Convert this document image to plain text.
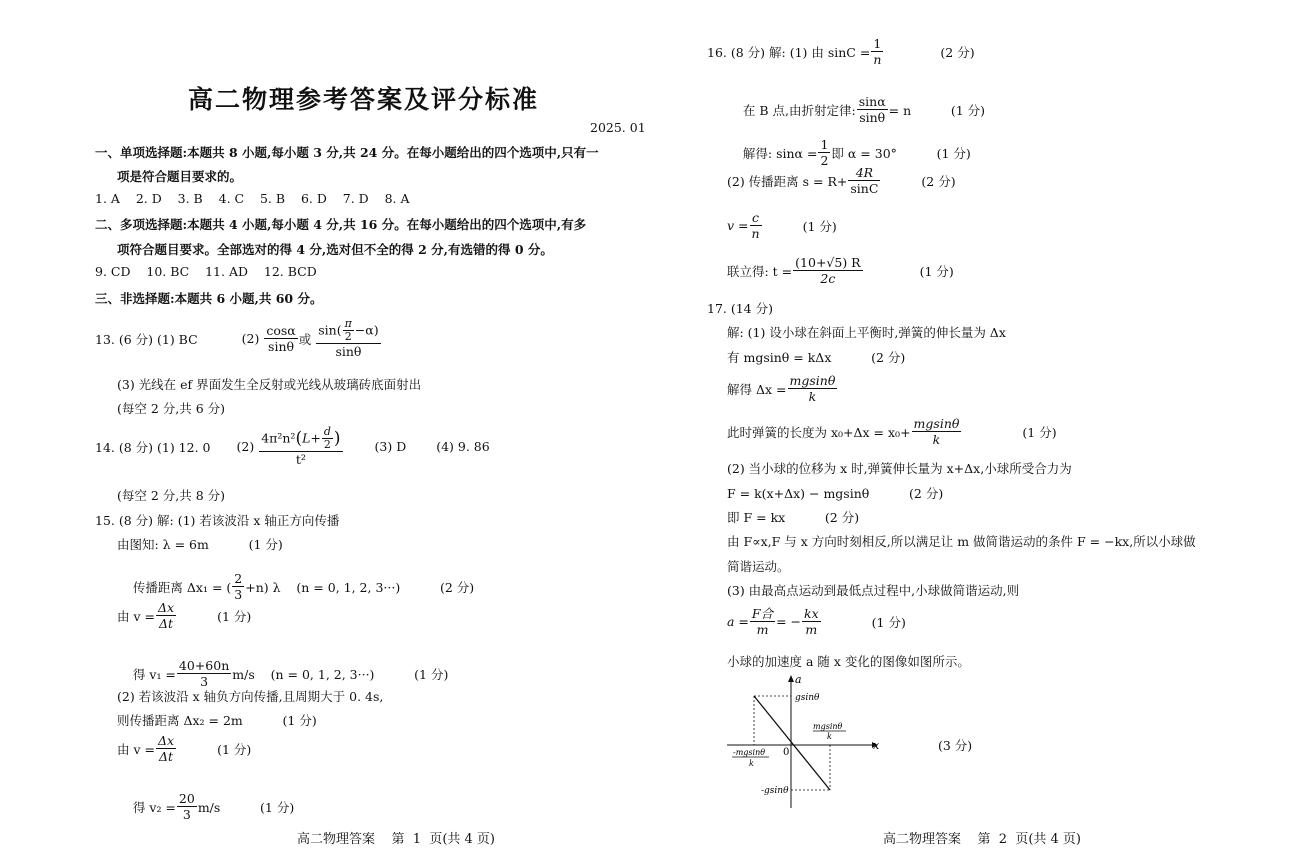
高二物理参考答案及评分标准
2025. 01
一、单项选择题:本题共 8 小题,每小题 3 分,共 24 分。在每小题给出的四个选项中,只有一
项是符合题目要求的。
1. A    2. D    3. B    4. C    5. B    6. D    7. D    8. A
二、多项选择题:本题共 4 小题,每小题 4 分,共 16 分。在每小题给出的四个选项中,有多
项符合题目要求。全部选对的得 4 分,选对但不全的得 2 分,有选错的得 0 分。
9. CD    10. BC    11. AD    12. BCD
三、非选择题:本题共 6 小题,共 60 分。
13. (6 分) (1) BC	$(2) \frac{\cos\alpha}{\sin\theta}$ 或 $\frac{\sin( \frac{\pi}{2} -\alpha)}{\sin\theta}$
(3) 光线在 ef 界面发生全反射或光线从玻璃砖底面射出
(每空 2 分,共 6 分)
14. (8 分) (1) 12. 0 $(2) \frac{4\pi^2n^2(L+ \frac{d}{2} )}{\text{t²}}$	(3) D (4) 9. 86
(每空 2 分,共 8 分)
15. (8 分) 解: (1) 若该波沿 x 轴正方向传播
由图知: λ = 6m          (1 分)

传播距离 Δx₁ = ( $\frac{2}{3} +n$) λ    (n = 0, 1, 2, 3···)          (2 分)

由 $v = \frac{\Delta x}{\Delta t}$	(1 分)

得 $v_1 = \frac{40+60n}{3} m/s$    (n = 0, 1, 2, 3···)          (1 分)

(2) 若该波沿 x 轴负方向传播,且周期大于 0. 4s,
则传播距离 Δx₂ = 2m          (1 分)
由 $v = \frac{\Delta x}{\Delta t}$	(1 分)

得 $v_2 = \frac{20}{3} m/s$          (1 分)

高二物理答案    第  1  页(共 4 页)
16. (8 分) 解: (1) 由 $\sin C = \frac{1}{n}$	(2 分)

在 B 点,由折射定律: $\frac{\sin\alpha}{\sin\theta} = n$          (1 分)

解得: $\sin\alpha = \frac{1}{2}$ 即 α = 30°          (1 分)

(2) 传播距离 $s = R+ \frac{4R}{\sin C}$	(2 分)
$v = \frac{c}{n}$	(1 分)
联立得: $t = \frac{(10+√5) R}{2c}$	(1 分)
17. (14 分)
解: (1) 设小球在斜面上平衡时,弹簧的伸长量为 Δx
有 mgsinθ = kΔx          (2 分)
解得 $\Delta x = \frac{mgsin\theta}{k}$
此时弹簧的长度为 $x_0+\Delta x = x_0+ \frac{mgsin\theta}{k}$	(1 分)
(2) 当小球的位移为 x 时,弹簧伸长量为 x+Δx,小球所受合力为
F = k(x+Δx) − mgsinθ          (2 分)
即 F = kx          (2 分)
由 F∝x,F 与 x 方向时刻相反,所以满足让 m 做简谐运动的条件 F = −kx,所以小球做
简谐运动。
(3) 由最高点运动到最低点过程中,小球做简谐运动,则
$a = \frac{\text{F合}}{m}$ = − $\frac{kx}{m}$	(1 分)
小球的加速度 a 随 x 变化的图像如图所示。
a
x
0
gsinθ
-gsinθ
mgsinθ
k
-mgsinθ
k
(3 分)
高二物理答案    第  2  页(共 4 页)
